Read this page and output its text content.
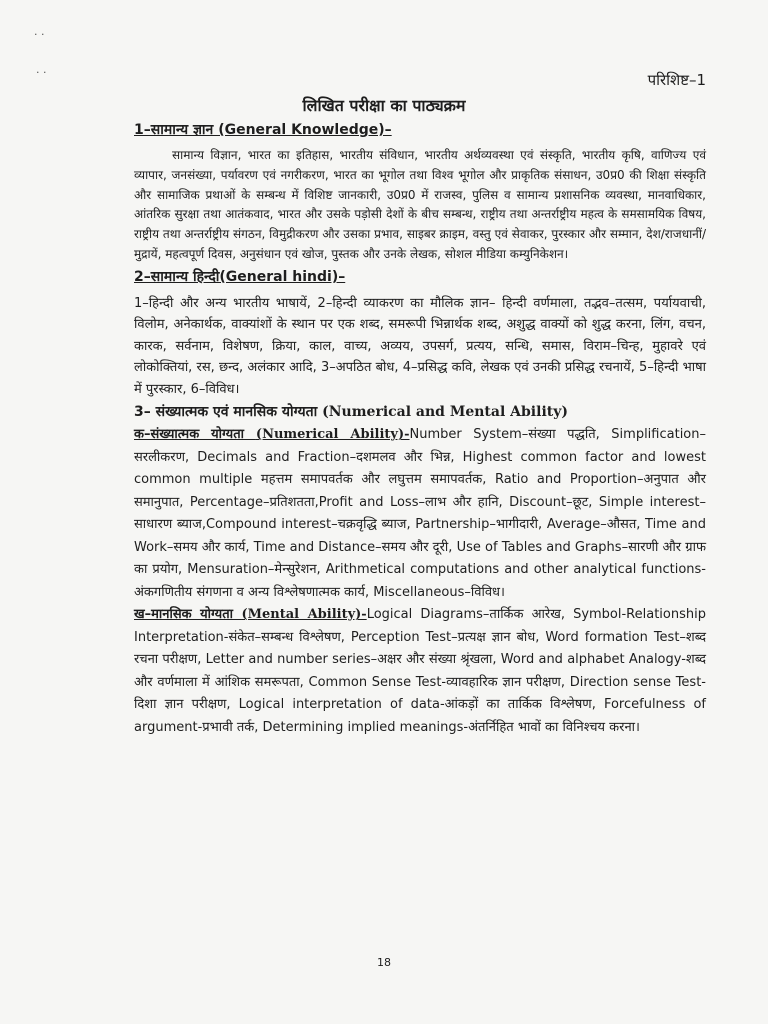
· ·
· ·	परिशिष्ट–1
लिखित परीक्षा का पाठ्यक्रम
1–सामान्य ज्ञान (General Knowledge)–

सामान्य विज्ञान, भारत का इतिहास, भारतीय संविधान, भारतीय अर्थव्यवस्था एवं संस्कृति, भारतीय कृषि, वाणिज्य एवं व्यापार, जनसंख्या, पर्यावरण एवं नगरीकरण, भारत का भूगोल तथा विश्व भूगोल और प्राकृतिक संसाधन, उ0प्र0 की शिक्षा संस्कृति और सामाजिक प्रथाओं के सम्बन्ध में विशिष्ट जानकारी, उ0प्र0 में राजस्व, पुलिस व सामान्य प्रशासनिक व्यवस्था, मानवाधिकार, आंतरिक सुरक्षा तथा आतंकवाद, भारत और उसके पड़ोसी देशों के बीच सम्बन्ध, राष्ट्रीय तथा अन्तर्राष्ट्रीय महत्व के समसामयिक विषय, राष्ट्रीय तथा अन्तर्राष्ट्रीय संगठन, विमुद्रीकरण और उसका प्रभाव, साइबर क्राइम, वस्तु एवं सेवाकर, पुरस्कार और सम्मान, देश/राजधानीं/मुद्रायें, महत्वपूर्ण दिवस, अनुसंधान एवं खोज, पुस्तक और उनके लेखक, सोशल मीडिया कम्युनिकेशन।

2–सामान्य हिन्दी(General hindi)–

1–हिन्दी और अन्य भारतीय भाषायें, 2–हिन्दी व्याकरण का मौलिक ज्ञान– हिन्दी वर्णमाला, तद्भव–तत्सम, पर्यायवाची, विलोम, अनेकार्थक, वाक्यांशों के स्थान पर एक शब्द, समरूपी भिन्नार्थक शब्द, अशुद्ध वाक्यों को शुद्ध करना, लिंग, वचन, कारक, सर्वनाम, विशेषण, क्रिया, काल, वाच्य, अव्यय, उपसर्ग, प्रत्यय, सन्धि, समास, विराम–चिन्ह, मुहावरे एवं लोकोक्तियां, रस, छन्द, अलंकार आदि, 3–अपठित बोध, 4–प्रसिद्ध कवि, लेखक एवं उनकी प्रसिद्ध रचनायें, 5–हिन्दी भाषा में पुरस्कार, 6–विविध।

3– संख्यात्मक एवं मानसिक योग्यता (Numerical and Mental Ability)

क–संख्यात्मक योग्यता (Numerical Ability)-Number System–संख्या पद्धति, Simplification–सरलीकरण, Decimals and Fraction–दशमलव और भिन्न, Highest common factor and lowest common multiple महत्तम समापवर्तक और लघुत्तम समापवर्तक, Ratio and Proportion–अनुपात और समानुपात, Percentage–प्रतिशतता,Profit and Loss–लाभ और हानि, Discount–छूट, Simple interest–साधारण ब्याज,Compound interest–चक्रवृद्धि ब्याज, Partnership–भागीदारी, Average–औसत, Time and Work–समय और कार्य, Time and Distance–समय और दूरी, Use of Tables and Graphs–सारणी और ग्राफ का प्रयोग, Mensuration–मेन्सुरेशन, Arithmetical computations and other analytical functions-अंकगणितीय संगणना व अन्य विश्लेषणात्मक कार्य, Miscellaneous–विविध।

ख–मानसिक योग्यता (Mental Ability)-Logical Diagrams–तार्किक आरेख, Symbol-Relationship Interpretation-संकेत–सम्बन्ध विश्लेषण, Perception Test–प्रत्यक्ष ज्ञान बोध, Word formation Test–शब्द रचना परीक्षण, Letter and number series–अक्षर और संख्या श्रृंखला, Word and alphabet Analogy-शब्द और वर्णमाला में आंशिक समरूपता, Common Sense Test-व्यावहारिक ज्ञान परीक्षण, Direction sense Test-दिशा ज्ञान परीक्षण, Logical interpretation of data-आंकड़ों का तार्किक विश्लेषण, Forcefulness of argument-प्रभावी तर्क, Determining implied meanings-अंतर्निहित भावों का विनिश्चय करना।

18
